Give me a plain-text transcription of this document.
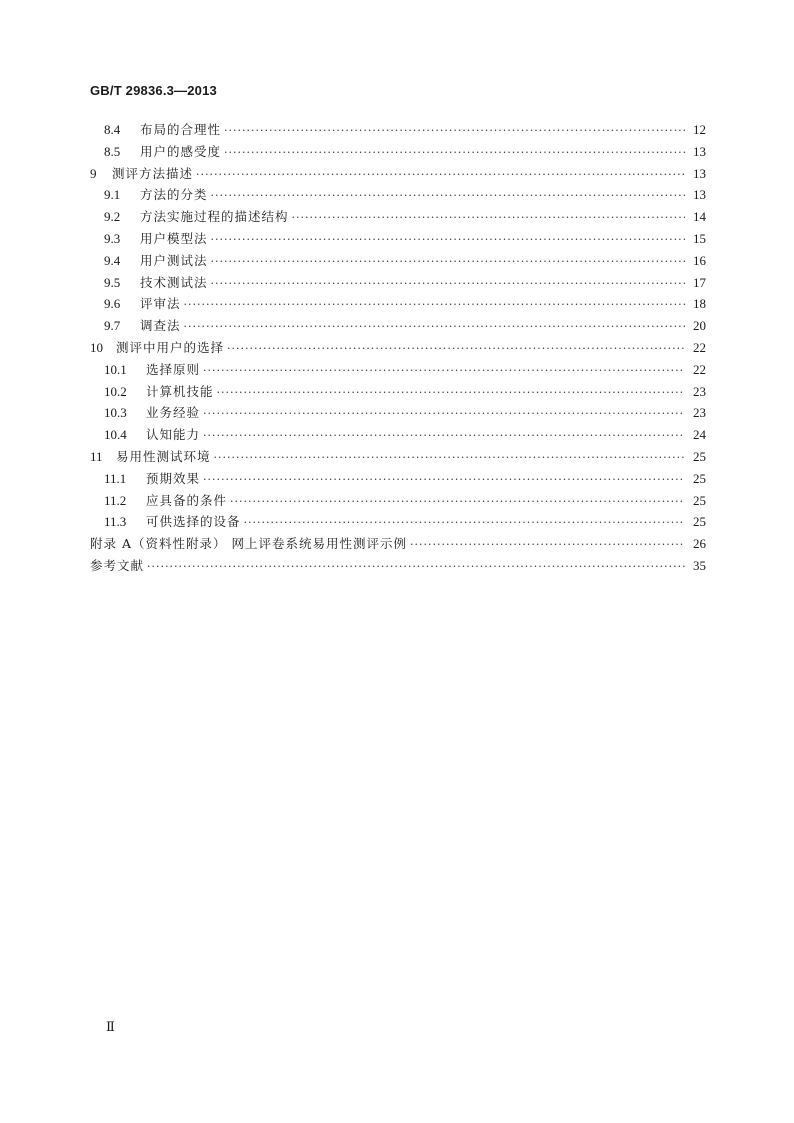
GB/T 29836.3—2013
8.4	布局的合理性 ·····	12
8.5	用户的感受度 ·····	13
9	测评方法描述 ·····	13
9.1	方法的分类 ·····	13
9.2	方法实施过程的描述结构 ·····	14
9.3	用户模型法 ·····	15
9.4	用户测试法 ·····	16
9.5	技术测试法 ·····	17
9.6	评审法 ·····	18
9.7	调查法 ·····	20
10	测评中用户的选择 ·····	22
10.1	选择原则 ·····	22
10.2	计算机技能 ·····	23
10.3	业务经验 ·····	23
10.4	认知能力 ·····	24
11	易用性测试环境 ·····	25
11.1	预期效果 ·····	25
11.2	应具备的条件 ·····	25
11.3	可供选择的设备 ·····	25
附录 A（资料性附录） 网上评卷系统易用性测评示例 ·····	26
参考文献 ·····	35
Ⅱ
